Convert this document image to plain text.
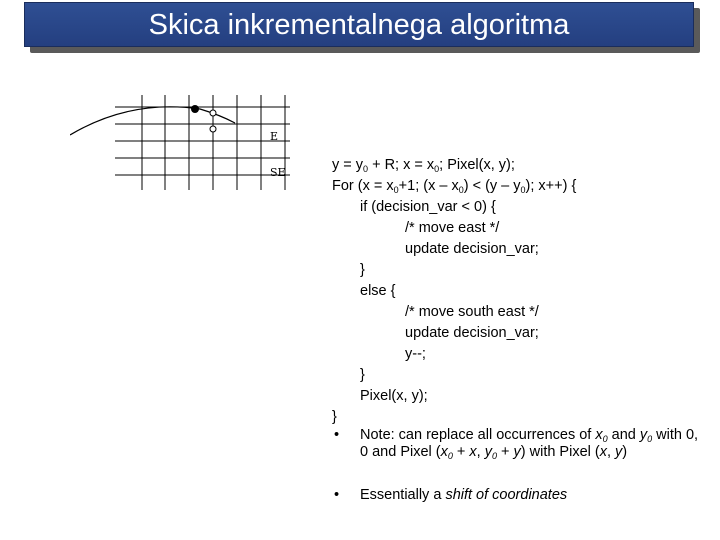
Skica inkrementalnega algoritma
E
SE	$y = y_0 + R$; $x = x_0$; Pixel(x, y);
For ($x = x_0+1$; $(x - x_0) < (y - y_0)$; x++) {
if (decision_var < 0) {
/* move east */
update decision_var;
}
else {
/* move south east */
update decision_var;
y--;
}
Pixel(x, y);
}
• Note: can replace all occurrences of $x_0$ and $y_0$ with 0, 0 and Pixel ($x_0 + x$, $y_0 + y$) with Pixel (x, y)
• Essentially a shift of coordinates
